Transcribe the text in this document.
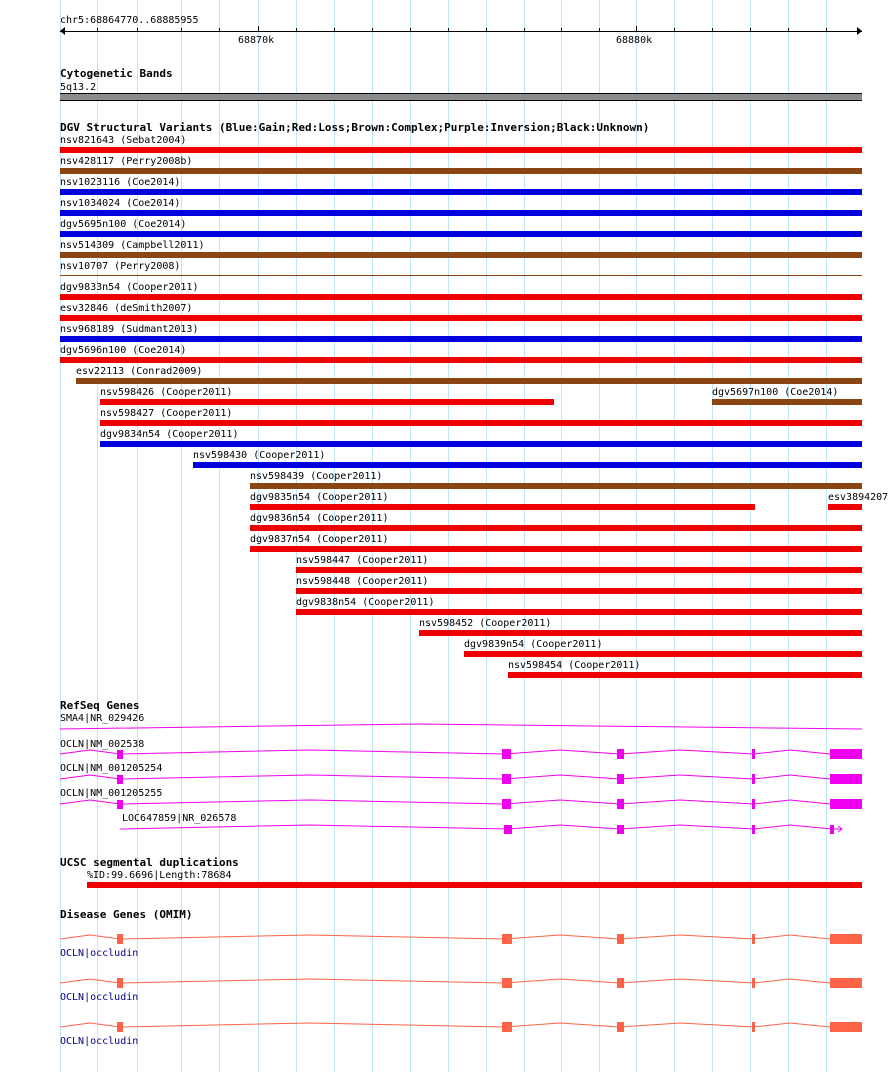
chr5:68864770..68885955
68870k	68880k
Cytogenetic Bands
5q13.2
DGV Structural Variants (Blue:Gain;Red:Loss;Brown:Complex;Purple:Inversion;Black:Unknown)
nsv821643 (Sebat2004)
nsv428117 (Perry2008b)
nsv1023116 (Coe2014)
nsv1034024 (Coe2014)
dgv5695n100 (Coe2014)
nsv514309 (Campbell2011)
nsv10707 (Perry2008)
dgv9833n54 (Cooper2011)
esv32846 (deSmith2007)
nsv968189 (Sudmant2013)
dgv5696n100 (Coe2014)
esv22113 (Conrad2009)
nsv598426 (Cooper2011)	dgv5697n100 (Coe2014)
nsv598427 (Cooper2011)
dgv9834n54 (Cooper2011)
nsv598430 (Cooper2011)
nsv598439 (Cooper2011)
dgv9835n54 (Cooper2011)	esv3894207
dgv9836n54 (Cooper2011)
dgv9837n54 (Cooper2011)
nsv598447 (Cooper2011)
nsv598448 (Cooper2011)
dgv9838n54 (Cooper2011)
nsv598452 (Cooper2011)
dgv9839n54 (Cooper2011)
nsv598454 (Cooper2011)
RefSeq Genes
SMA4|NR_029426
OCLN|NM_002538
OCLN|NM_001205254
OCLN|NM_001205255
LOC647859|NR_026578
UCSC segmental duplications
%ID:99.6696|Length:78684
Disease Genes (OMIM)
OCLN|occludin
OCLN|occludin
OCLN|occludin
